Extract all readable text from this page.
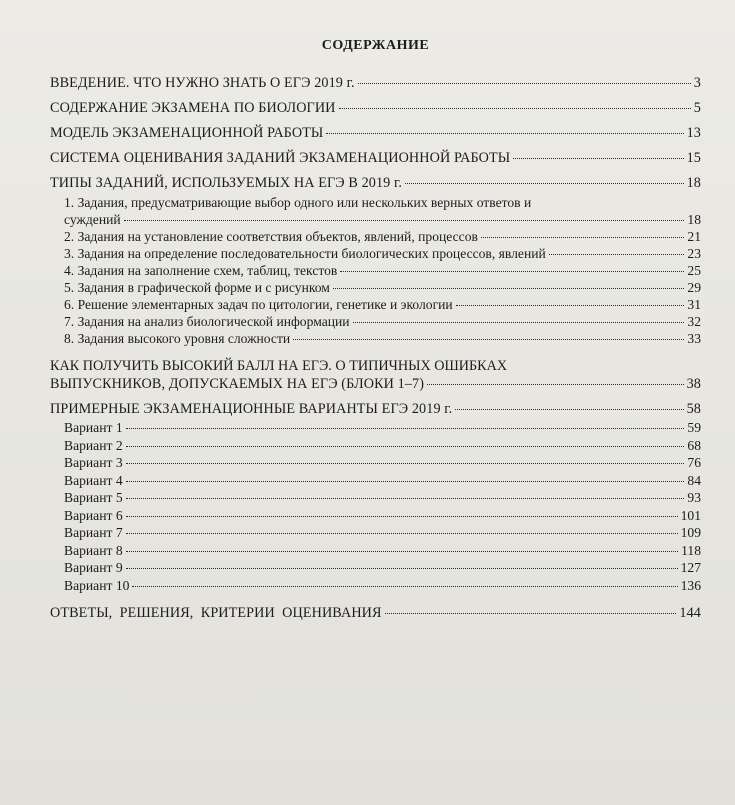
СОДЕРЖАНИЕ
ВВЕДЕНИЕ. ЧТО НУЖНО ЗНАТЬ О ЕГЭ 2019 г.	3
СОДЕРЖАНИЕ ЭКЗАМЕНА ПО БИОЛОГИИ	5
МОДЕЛЬ ЭКЗАМЕНАЦИОННОЙ РАБОТЫ	13
СИСТЕМА ОЦЕНИВАНИЯ ЗАДАНИЙ ЭКЗАМЕНАЦИОННОЙ РАБОТЫ	15
ТИПЫ ЗАДАНИЙ, ИСПОЛЬЗУЕМЫХ НА ЕГЭ В 2019 г.	18
1. Задания, предусматривающие выбор одного или нескольких верных ответов и
суждений	18
2. Задания на установление соответствия объектов, явлений, процессов	21
3. Задания на определение последовательности биологических процессов, явлений	23
4. Задания на заполнение схем, таблиц, текстов	25
5. Задания в графической форме и с рисунком	29
6. Решение элементарных задач по цитологии, генетике и экологии	31
7. Задания на анализ биологической информации	32
8. Задания высокого уровня сложности	33
КАК ПОЛУЧИТЬ ВЫСОКИЙ БАЛЛ НА ЕГЭ. О ТИПИЧНЫХ ОШИБКАХ
ВЫПУСКНИКОВ, ДОПУСКАЕМЫХ НА ЕГЭ (БЛОКИ 1–7)	38
ПРИМЕРНЫЕ ЭКЗАМЕНАЦИОННЫЕ ВАРИАНТЫ ЕГЭ 2019 г.	58
Вариант 1	59
Вариант 2	68
Вариант 3	76
Вариант 4	84
Вариант 5	93
Вариант 6	101
Вариант 7	109
Вариант 8	118
Вариант 9	127
Вариант 10	136
ОТВЕТЫ,  РЕШЕНИЯ,  КРИТЕРИИ  ОЦЕНИВАНИЯ	144
